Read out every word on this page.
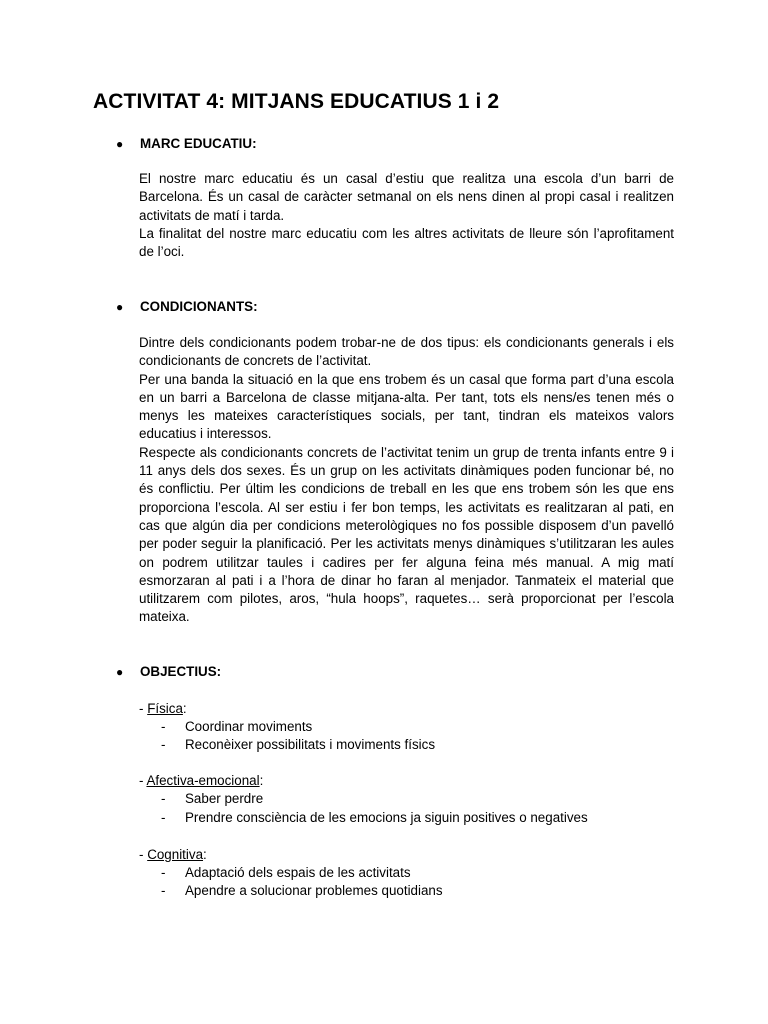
ACTIVITAT 4: MITJANS EDUCATIUS 1 i 2
● MARC EDUCATIU:

El nostre marc educatiu és un casal d’estiu que realitza una escola d’un barri de Barcelona. És un casal de caràcter setmanal on els nens dinen al propi casal i realitzen activitats de matí i tarda.

La finalitat del nostre marc educatiu com les altres activitats de lleure són l’aprofitament de l’oci.

● CONDICIONANTS:

Dintre dels condicionants podem trobar-ne de dos tipus: els condicionants generals i els condicionants de concrets de l’activitat.

Per una banda la situació en la que ens trobem és un casal que forma part d’una escola en un barri a Barcelona de classe mitjana-alta. Per tant, tots els nens/es tenen més o menys les mateixes característiques socials, per tant, tindran els mateixos valors educatius i interessos.

Respecte als condicionants concrets de l’activitat tenim un grup de trenta infants entre 9 i 11 anys dels dos sexes. És un grup on les activitats dinàmiques poden funcionar bé, no és conflictiu. Per últim les condicions de treball en les que ens trobem són les que ens proporciona l’escola. Al ser estiu i fer bon temps, les activitats es realitzaran al pati, en cas que algún dia per condicions meterològiques no fos possible disposem d’un pavelló per poder seguir la planificació. Per les activitats menys dinàmiques s’utilitzaran les aules on podrem utilitzar taules i cadires per fer alguna feina més manual. A mig matí esmorzaran al pati i a l’hora de dinar ho faran al menjador. Tanmateix el material que utilitzarem com pilotes, aros, “hula hoops”, raquetes… serà proporcionat per l’escola mateixa.

● OBJECTIUS:
- Física:
- Coordinar moviments
- Reconèixer possibilitats i moviments físics
- Afectiva-emocional:
- Saber perdre
- Prendre consciència de les emocions ja siguin positives o negatives
- Cognitiva:
- Adaptació dels espais de les activitats
- Apendre a solucionar problemes quotidians
